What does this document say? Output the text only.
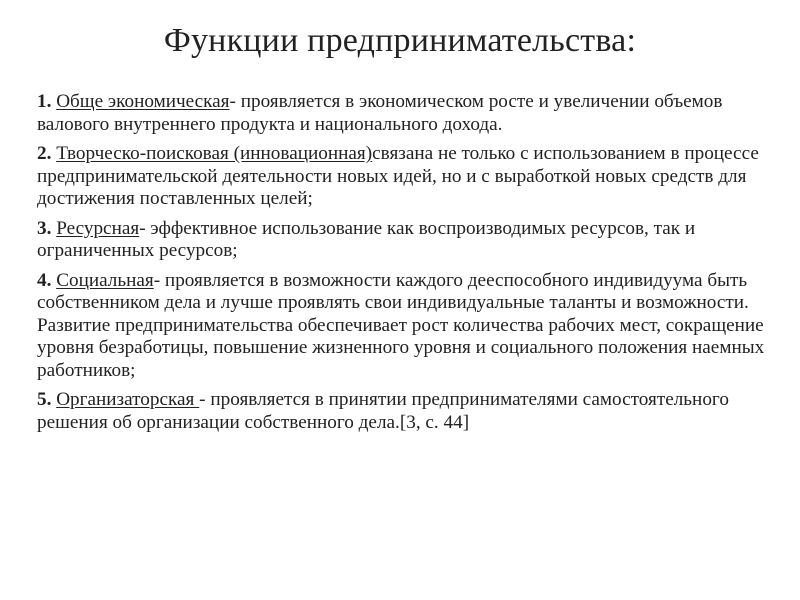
Функции предпринимательства:
1. Обще экономическая- проявляется в экономическом росте и увеличении объемов валового внутреннего продукта и национального дохода.
2. Творческо-поисковая (инновационная)связана не только с использованием в процессе предпринимательской деятельности новых идей, но и с выработкой новых средств для достижения поставленных целей;
3. Ресурсная- эффективное использование как воспроизводимых ресурсов, так и ограниченных ресурсов;
4. Социальная- проявляется в возможности каждого дееспособного индивидуума быть собственником дела и лучше проявлять свои индивидуальные таланты и возможности. Развитие предпринимательства обеспечивает рост количества рабочих мест, сокращение уровня безработицы, повышение жизненного уровня и социального положения наемных работников;
5. Организаторская - проявляется в принятии предпринимателями самостоятельного решения об организации собственного дела.[3, с. 44]
